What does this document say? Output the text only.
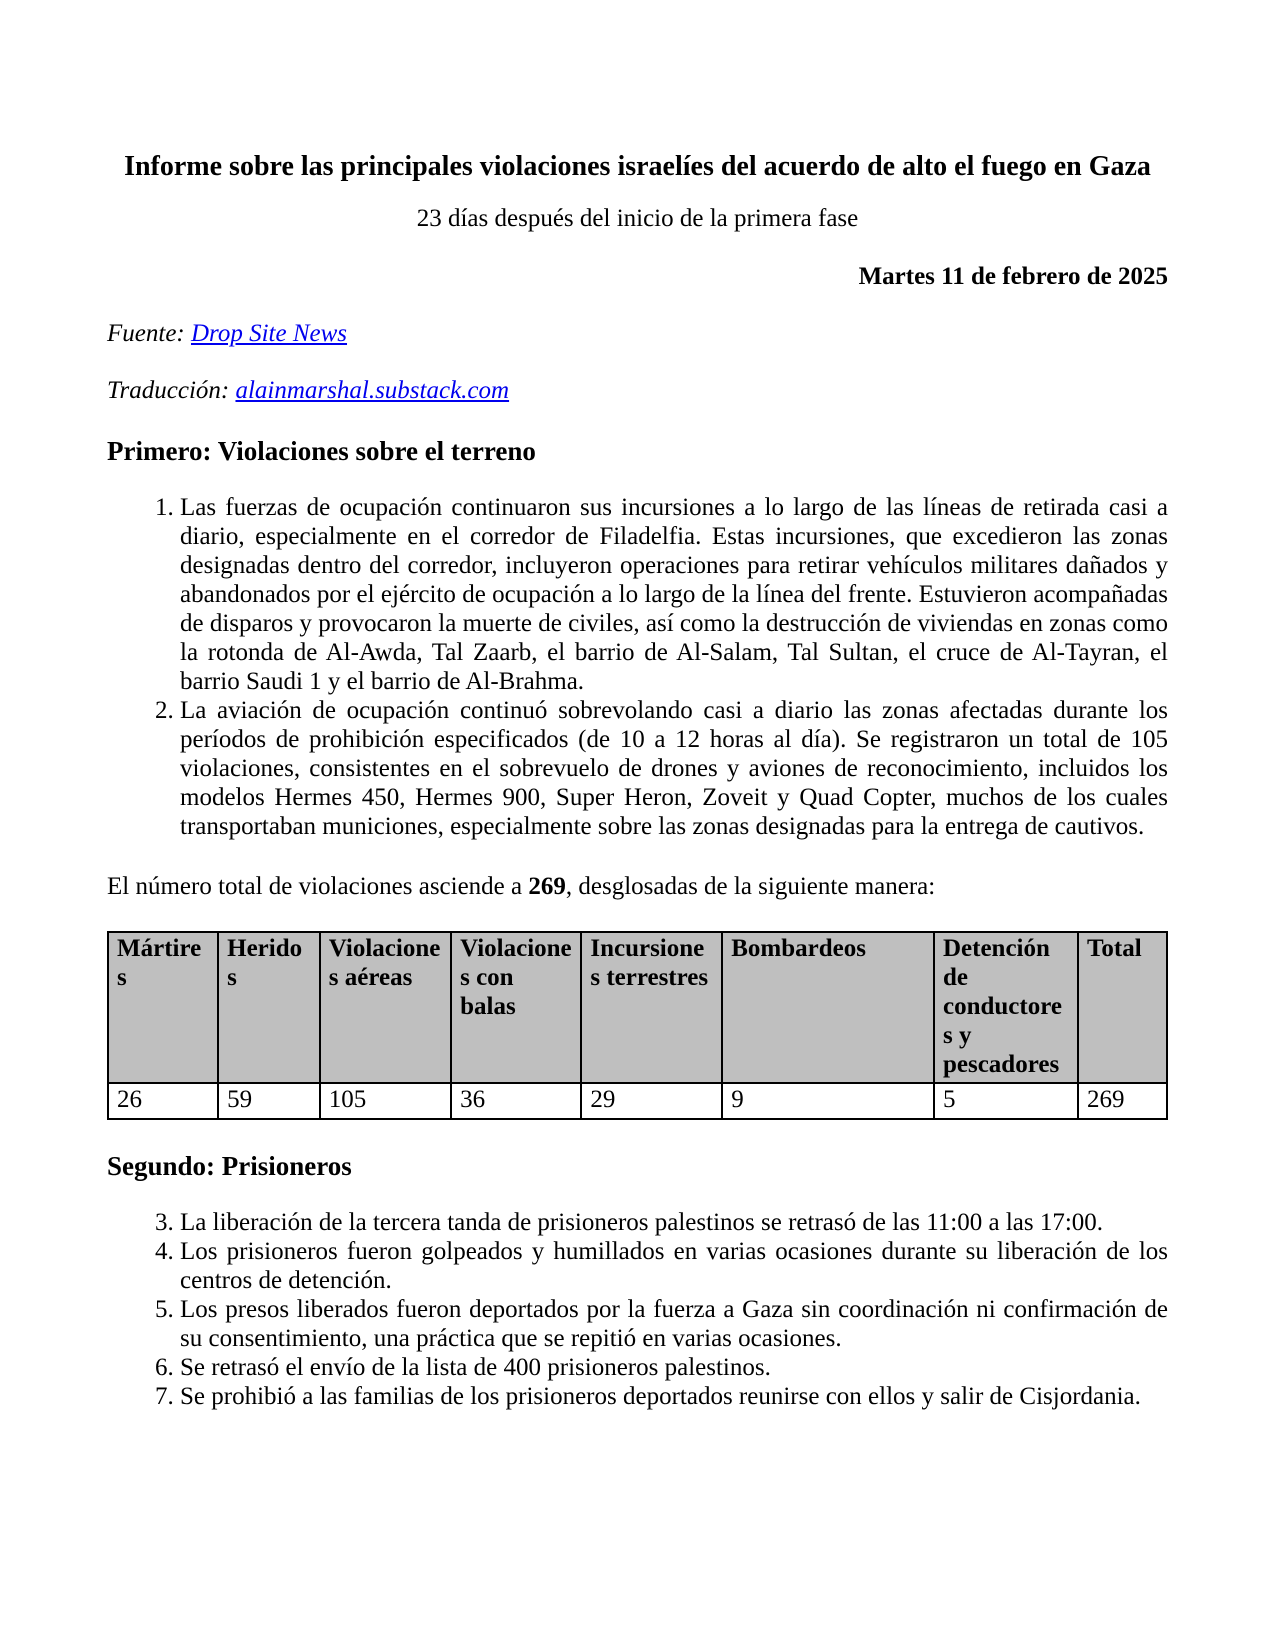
Informe sobre las principales violaciones israelíes del acuerdo de alto el fuego en Gaza

23 días después del inicio de la primera fase

Martes 11 de febrero de 2025

Fuente: Drop Site News

Traducción: alainmarshal.substack.com

Primero: Violaciones sobre el terreno
1. Las fuerzas de ocupación continuaron sus incursiones a lo largo de las líneas de retirada casi a diario, especialmente en el corredor de Filadelfia. Estas incursiones, que excedieron las zonas designadas dentro del corredor, incluyeron operaciones para retirar vehículos militares dañados y abandonados por el ejército de ocupación a lo largo de la línea del frente. Estuvieron acompañadas de disparos y provocaron la muerte de civiles, así como la destrucción de viviendas en zonas como la rotonda de Al-Awda, Tal Zaarb, el barrio de Al-Salam, Tal Sultan, el cruce de Al-Tayran, el barrio Saudi 1 y el barrio de Al-Brahma.
2. La aviación de ocupación continuó sobrevolando casi a diario las zonas afectadas durante los períodos de prohibición especificados (de 10 a 12 horas al día). Se registraron un total de 105 violaciones, consistentes en el sobrevuelo de drones y aviones de reconocimiento, incluidos los modelos Hermes 450, Hermes 900, Super Heron, Zoveit y Quad Copter, muchos de los cuales transportaban municiones, especialmente sobre las zonas designadas para la entrega de cautivos.

El número total de violaciones asciende a 269, desglosadas de la siguiente manera:

Mártires	Heridos	Violaciones aéreas	Violaciones con balas	Incursiones terrestres	Bombardeos	Detención de conductores y pescadores	Total
26	59	105	36	29	9	5	269
Segundo: Prisioneros
3. La liberación de la tercera tanda de prisioneros palestinos se retrasó de las 11:00 a las 17:00.
4. Los prisioneros fueron golpeados y humillados en varias ocasiones durante su liberación de los centros de detención.
5. Los presos liberados fueron deportados por la fuerza a Gaza sin coordinación ni confirmación de su consentimiento, una práctica que se repitió en varias ocasiones.
6. Se retrasó el envío de la lista de 400 prisioneros palestinos.
7. Se prohibió a las familias de los prisioneros deportados reunirse con ellos y salir de Cisjordania.
